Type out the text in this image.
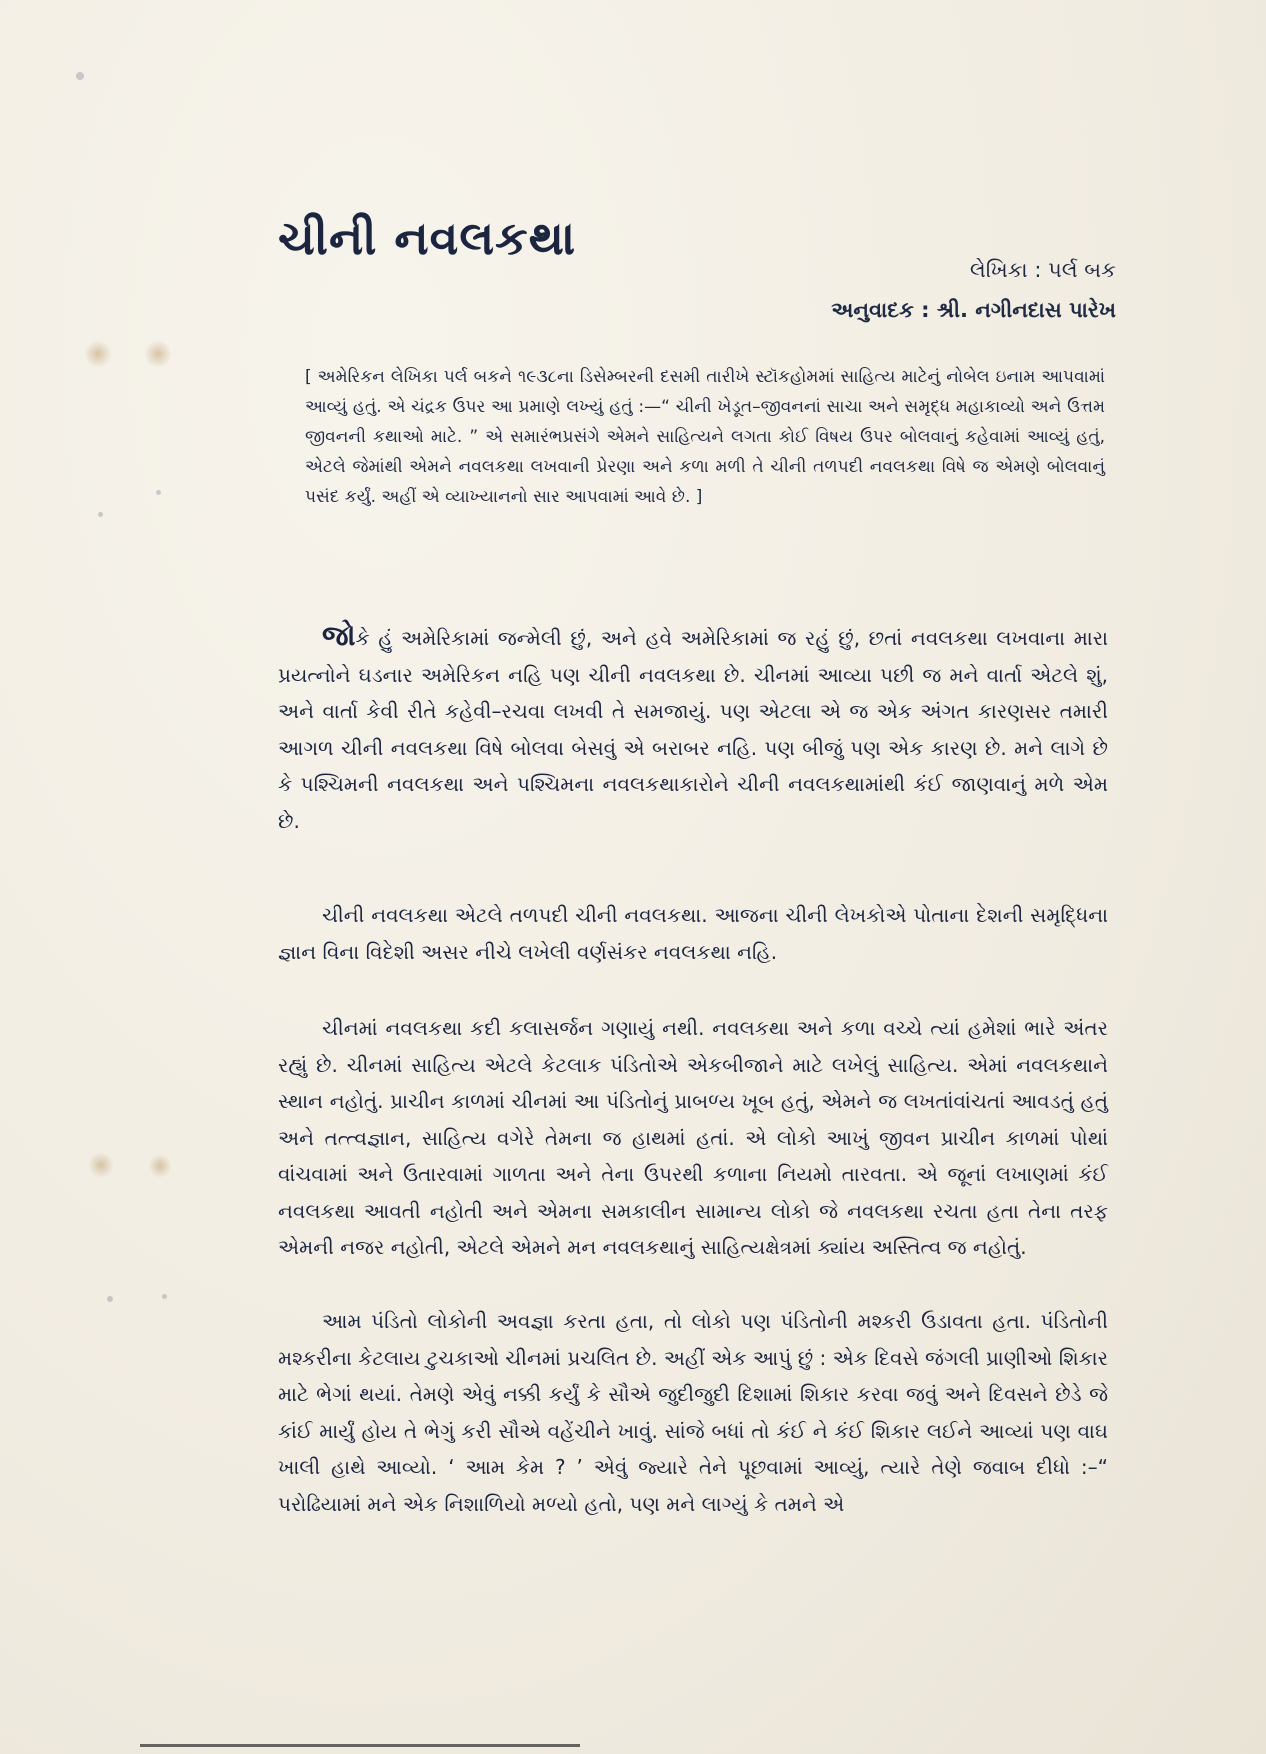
ચીની નવલકથા
લેખિકા : પર્લ બક
અનુવાદક : શ્રી. નગીનદાસ પારેખ

[ અમેરિકન લેખિકા પર્લ બકને ૧૯૩૮ના ડિસેમ્બરની દસમી તારીખે સ્ટૉકહોમમાં સાહિત્ય માટેનું નોબેલ ઇનામ આપવામાં આવ્યું હતું. એ ચંદ્રક ઉપર આ પ્રમાણે લખ્યું હતું :—“ ચીની ખેડૂત–જીવનનાં સાચા અને સમૃદ્ધ મહાકાવ્યો અને ઉત્તમ જીવનની કથાઓ માટે. ” એ સમારંભપ્રસંગે એમને સાહિત્યને લગતા કોઈ વિષય ઉપર બોલવાનું કહેવામાં આવ્યું હતું, એટલે જેમાંથી એમને નવલકથા લખવાની પ્રેરણા અને કળા મળી તે ચીની તળપદી નવલકથા વિષે જ એમણે બોલવાનું પસંદ કર્યું. અહીં એ વ્યાખ્યાનનો સાર આપવામાં આવે છે. ]

જોકે હું અમેરિકામાં જન્મેલી છું, અને હવે અમેરિકામાં જ રહું છું, છતાં નવલકથા લખવાના મારા પ્રયત્નોને ઘડનાર અમેરિકન નહિ પણ ચીની નવલકથા છે. ચીનમાં આવ્યા પછી જ મને વાર્તા એટલે શું, અને વાર્તા કેવી રીતે કહેવી–રચવા લખવી તે સમજાયું. પણ એટલા એ જ એક અંગત કારણસર તમારી આગળ ચીની નવલકથા વિષે બોલવા બેસવું એ બરાબર નહિ. પણ બીજું પણ એક કારણ છે. મને લાગે છે કે પશ્ચિમની નવલકથા અને પશ્ચિમના નવલકથાકારોને ચીની નવલકથામાંથી કંઈ જાણવાનું મળે એમ છે.

ચીની નવલકથા એટલે તળપદી ચીની નવલકથા. આજના ચીની લેખકોએ પોતાના દેશની સમૃદ્ધિના જ્ઞાન વિના વિદેશી અસર નીચે લખેલી વર્ણસંકર નવલકથા નહિ.

ચીનમાં નવલકથા કદી કલાસર્જન ગણાયું નથી. નવલકથા અને કળા વચ્ચે ત્યાં હમેશાં ભારે અંતર રહ્યું છે. ચીનમાં સાહિત્ય એટલે કેટલાક પંડિતોએ એકબીજાને માટે લખેલું સાહિત્ય. એમાં નવલકથાને સ્થાન નહોતું. પ્રાચીન કાળમાં ચીનમાં આ પંડિતોનું પ્રાબળ્ય ખૂબ હતું, એમને જ લખતાંવાંચતાં આવડતું હતું અને તત્ત્વજ્ઞાન, સાહિત્ય વગેરે તેમના જ હાથમાં હતાં. એ લોકો આખું જીવન પ્રાચીન કાળમાં પોથાં વાંચવામાં અને ઉતારવામાં ગાળતા અને તેના ઉપરથી કળાના નિયમો તારવતા. એ જૂનાં લખાણમાં કંઈ નવલકથા આવતી નહોતી અને એમના સમકાલીન સામાન્ય લોકો જે નવલકથા રચતા હતા તેના તરફ એમની નજર નહોતી, એટલે એમને મન નવલકથાનું સાહિત્યક્ષેત્રમાં ક્યાંય અસ્તિત્વ જ નહોતું.

આમ પંડિતો લોકોની અવજ્ઞા કરતા હતા, તો લોકો પણ પંડિતોની મશ્કરી ઉડાવતા હતા. પંડિતોની મશ્કરીના કેટલાય ટુચકાઓ ચીનમાં પ્રચલિત છે. અહીં એક આપું છું : એક દિવસે જંગલી પ્રાણીઓ શિકાર માટે ભેગાં થયાં. તેમણે એવું નક્કી કર્યું કે સૌએ જુદીજુદી દિશામાં શિકાર કરવા જવું અને દિવસને છેડે જે કાંઈ માર્યું હોય તે ભેગું કરી સૌએ વહેંચીને ખાવું. સાંજે બધાં તો કંઈ ને કંઈ શિકાર લઈને આવ્યાં પણ વાઘ ખાલી હાથે આવ્યો. ‘ આમ કેમ ? ’ એવું જ્યારે તેને પૂછવામાં આવ્યું, ત્યારે તેણે જવાબ દીધો :–“ પરોઢિયામાં મને એક નિશાળિયો મળ્યો હતો, પણ મને લાગ્યું કે તમને એ
